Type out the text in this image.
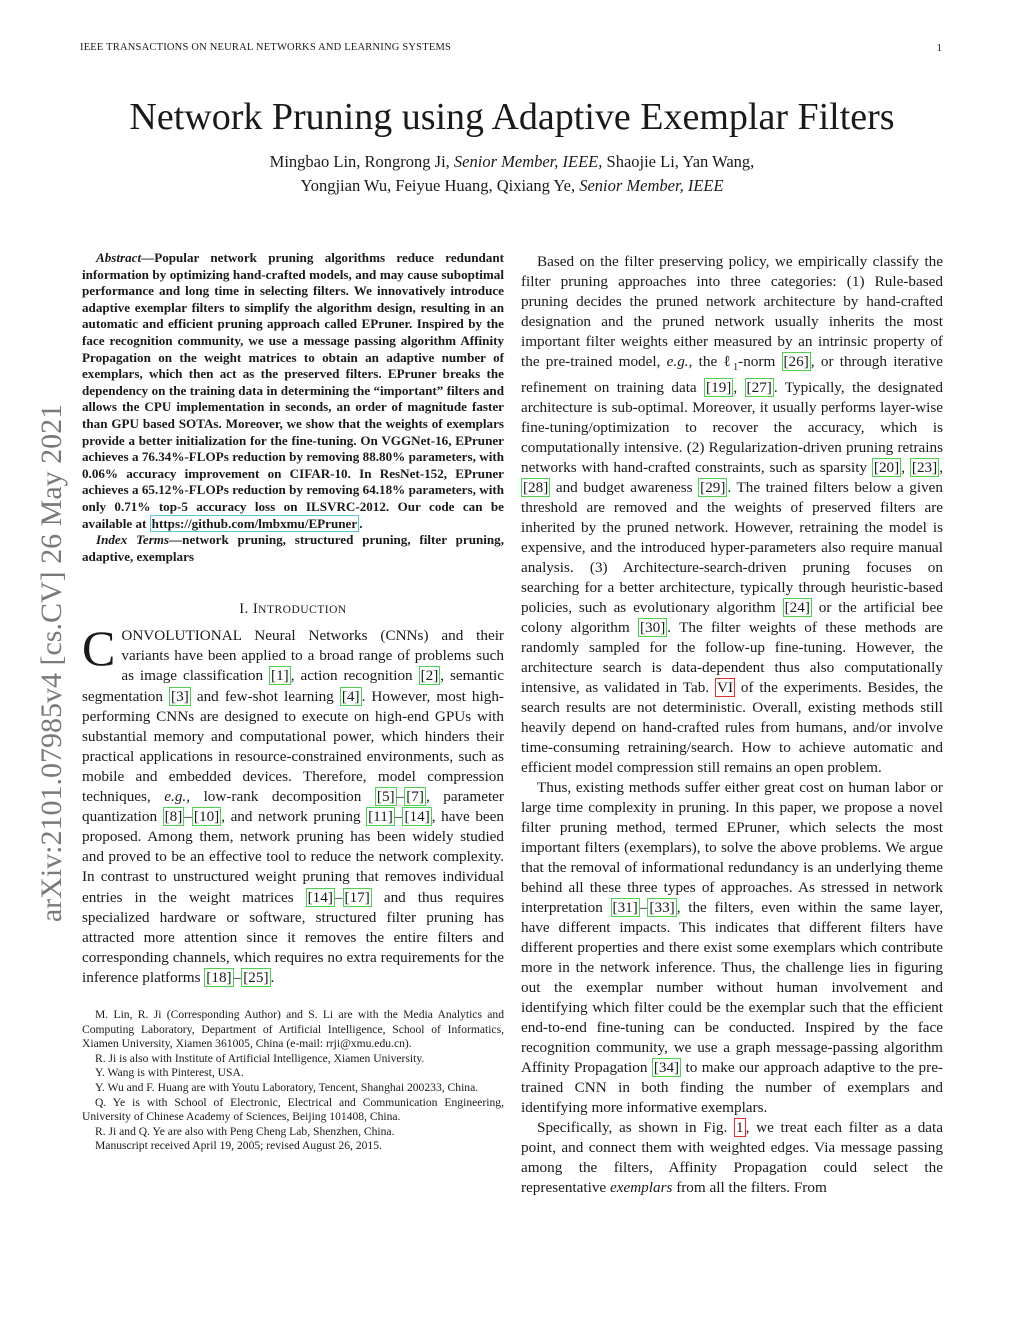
IEEE TRANSACTIONS ON NEURAL NETWORKS AND LEARNING SYSTEMS	1
Network Pruning using Adaptive Exemplar Filters
Mingbao Lin, Rongrong Ji, Senior Member, IEEE, Shaojie Li, Yan Wang,
Yongjian Wu, Feiyue Huang, Qixiang Ye, Senior Member, IEEE
arXiv:2101.07985v4 [cs.CV] 26 May 2021

Abstract—Popular network pruning algorithms reduce redundant information by optimizing hand-crafted models, and may cause suboptimal performance and long time in selecting filters. We innovatively introduce adaptive exemplar filters to simplify the algorithm design, resulting in an automatic and efficient pruning approach called EPruner. Inspired by the face recognition community, we use a message passing algorithm Affinity Propagation on the weight matrices to obtain an adaptive number of exemplars, which then act as the preserved filters. EPruner breaks the dependency on the training data in determining the “important” filters and allows the CPU implementation in seconds, an order of magnitude faster than GPU based SOTAs. Moreover, we show that the weights of exemplars provide a better initialization for the fine-tuning. On VGGNet-16, EPruner achieves a 76.34%-FLOPs reduction by removing 88.80% parameters, with 0.06% accuracy improvement on CIFAR-10. In ResNet-152, EPruner achieves a 65.12%-FLOPs reduction by removing 64.18% parameters, with only 0.71% top-5 accuracy loss on ILSVRC-2012. Our code can be available at https://github.com/lmbxmu/EPruner .

Index Terms—network pruning, structured pruning, filter pruning, adaptive, exemplars

I. INTRODUCTION

CONVOLUTIONAL Neural Networks (CNNs) and their variants have been applied to a broad range of problems such as image classification [1] , action recognition [2] , semantic segmentation [3] and few-shot learning [4] . However, most high-performing CNNs are designed to execute on high-end GPUs with substantial memory and computational power, which hinders their practical applications in resource-constrained environments, such as mobile and embedded devices. Therefore, model compression techniques, e.g., low-rank decomposition [5] – [7] , parameter quantization [8] – [10] , and network pruning [11] – [14] , have been proposed. Among them, network pruning has been widely studied and proved to be an effective tool to reduce the network complexity. In contrast to unstructured weight pruning that removes individual entries in the weight matrices [14] – [17] and thus requires specialized hardware or software, structured filter pruning has attracted more attention since it removes the entire filters and corresponding channels, which requires no extra requirements for the inference platforms [18] – [25] .

M. Lin, R. Ji (Corresponding Author) and S. Li are with the Media Analytics and Computing Laboratory, Department of Artificial Intelligence, School of Informatics, Xiamen University, Xiamen 361005, China (e-mail: rrji@xmu.edu.cn).

R. Ji is also with Institute of Artificial Intelligence, Xiamen University.

Y. Wang is with Pinterest, USA.

Y. Wu and F. Huang are with Youtu Laboratory, Tencent, Shanghai 200233, China.

Q. Ye is with School of Electronic, Electrical and Communication Engineering, University of Chinese Academy of Sciences, Beijing 101408, China.

R. Ji and Q. Ye are also with Peng Cheng Lab, Shenzhen, China.

Manuscript received April 19, 2005; revised August 26, 2015.

Based on the filter preserving policy, we empirically classify the filter pruning approaches into three categories: (1) Rule-based pruning decides the pruned network architecture by hand-crafted designation and the pruned network usually inherits the most important filter weights either measured by an intrinsic property of the pre-trained model, e.g., the ℓ$_1$-norm [26] , or through iterative refinement on training data [19] , [27] . Typically, the designated architecture is sub-optimal. Moreover, it usually performs layer-wise fine-tuning/optimization to recover the accuracy, which is computationally intensive. (2) Regularization-driven pruning retrains networks with hand-crafted constraints, such as sparsity [20] , [23] , [28] and budget awareness [29] . The trained filters below a given threshold are removed and the weights of preserved filters are inherited by the pruned network. However, retraining the model is expensive, and the introduced hyper-parameters also require manual analysis. (3) Architecture-search-driven pruning focuses on searching for a better architecture, typically through heuristic-based policies, such as evolutionary algorithm [24] or the artificial bee colony algorithm [30] . The filter weights of these methods are randomly sampled for the follow-up fine-tuning. However, the architecture search is data-dependent thus also computationally intensive, as validated in Tab. VI of the experiments. Besides, the search results are not deterministic. Overall, existing methods still heavily depend on hand-crafted rules from humans, and/or involve time-consuming retraining/search. How to achieve automatic and efficient model compression still remains an open problem.

Thus, existing methods suffer either great cost on human labor or large time complexity in pruning. In this paper, we propose a novel filter pruning method, termed EPruner, which selects the most important filters (exemplars), to solve the above problems. We argue that the removal of informational redundancy is an underlying theme behind all these three types of approaches. As stressed in network interpretation [31] – [33] , the filters, even within the same layer, have different impacts. This indicates that different filters have different properties and there exist some exemplars which contribute more in the network inference. Thus, the challenge lies in figuring out the exemplar number without human involvement and identifying which filter could be the exemplar such that the efficient end-to-end fine-tuning can be conducted. Inspired by the face recognition community, we use a graph message-passing algorithm Affinity Propagation [34] to make our approach adaptive to the pre-trained CNN in both finding the number of exemplars and identifying more informative exemplars.

Specifically, as shown in Fig. 1 , we treat each filter as a data point, and connect them with weighted edges. Via message passing among the filters, Affinity Propagation could select the representative exemplars from all the filters. From
